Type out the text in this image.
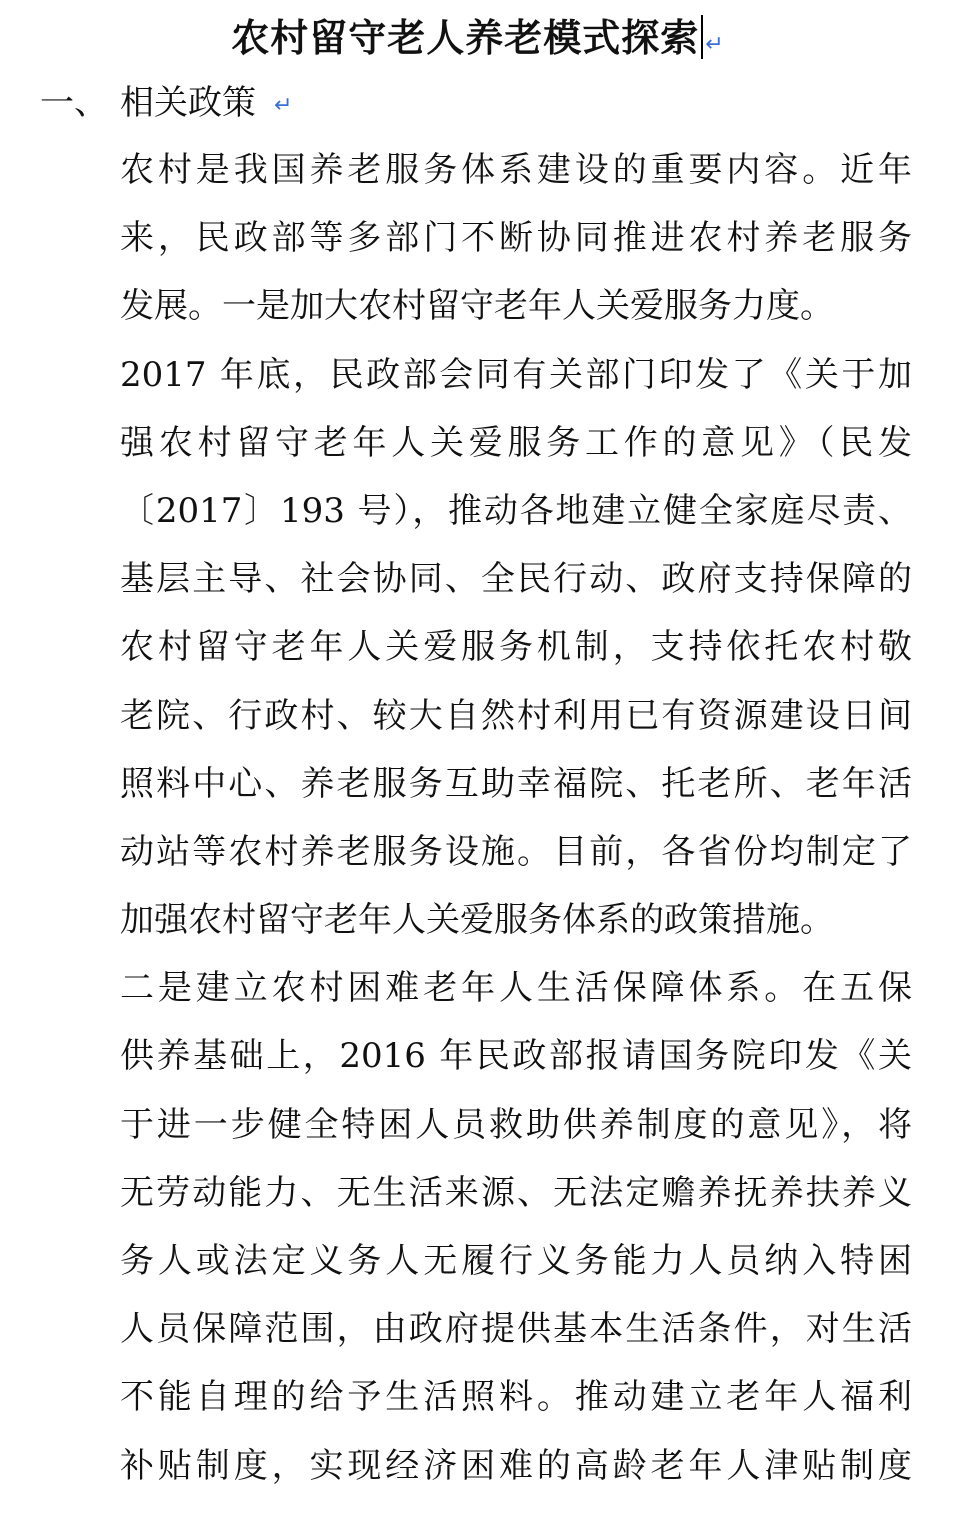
农村留守老人养老模式探索 ↵
一、 相关政策 ↵
农村是我国养老服务体系建设的重要内容。近年
来，民政部等多部门不断协同推进农村养老服务
发展。一是加大农村留守老年人关爱服务力度。
2017 年底，民政部会同有关部门印发了《关于加
强农村留守老年人关爱服务工作的意见》（民发
〔2017〕193 号），推动各地建立健全家庭尽责、
基层主导、社会协同、全民行动、政府支持保障的
农村留守老年人关爱服务机制，支持依托农村敬
老院、行政村、较大自然村利用已有资源建设日间
照料中心、养老服务互助幸福院、托老所、老年活
动站等农村养老服务设施。目前，各省份均制定了
加强农村留守老年人关爱服务体系的政策措施。
二是建立农村困难老年人生活保障体系。在五保
供养基础上，2016 年民政部报请国务院印发《关
于进一步健全特困人员救助供养制度的意见》，将
无劳动能力、无生活来源、无法定赡养抚养扶养义
务人或法定义务人无履行义务能力人员纳入特困
人员保障范围，由政府提供基本生活条件，对生活
不能自理的给予生活照料。推动建立老年人福利
补贴制度，实现经济困难的高龄老年人津贴制度
